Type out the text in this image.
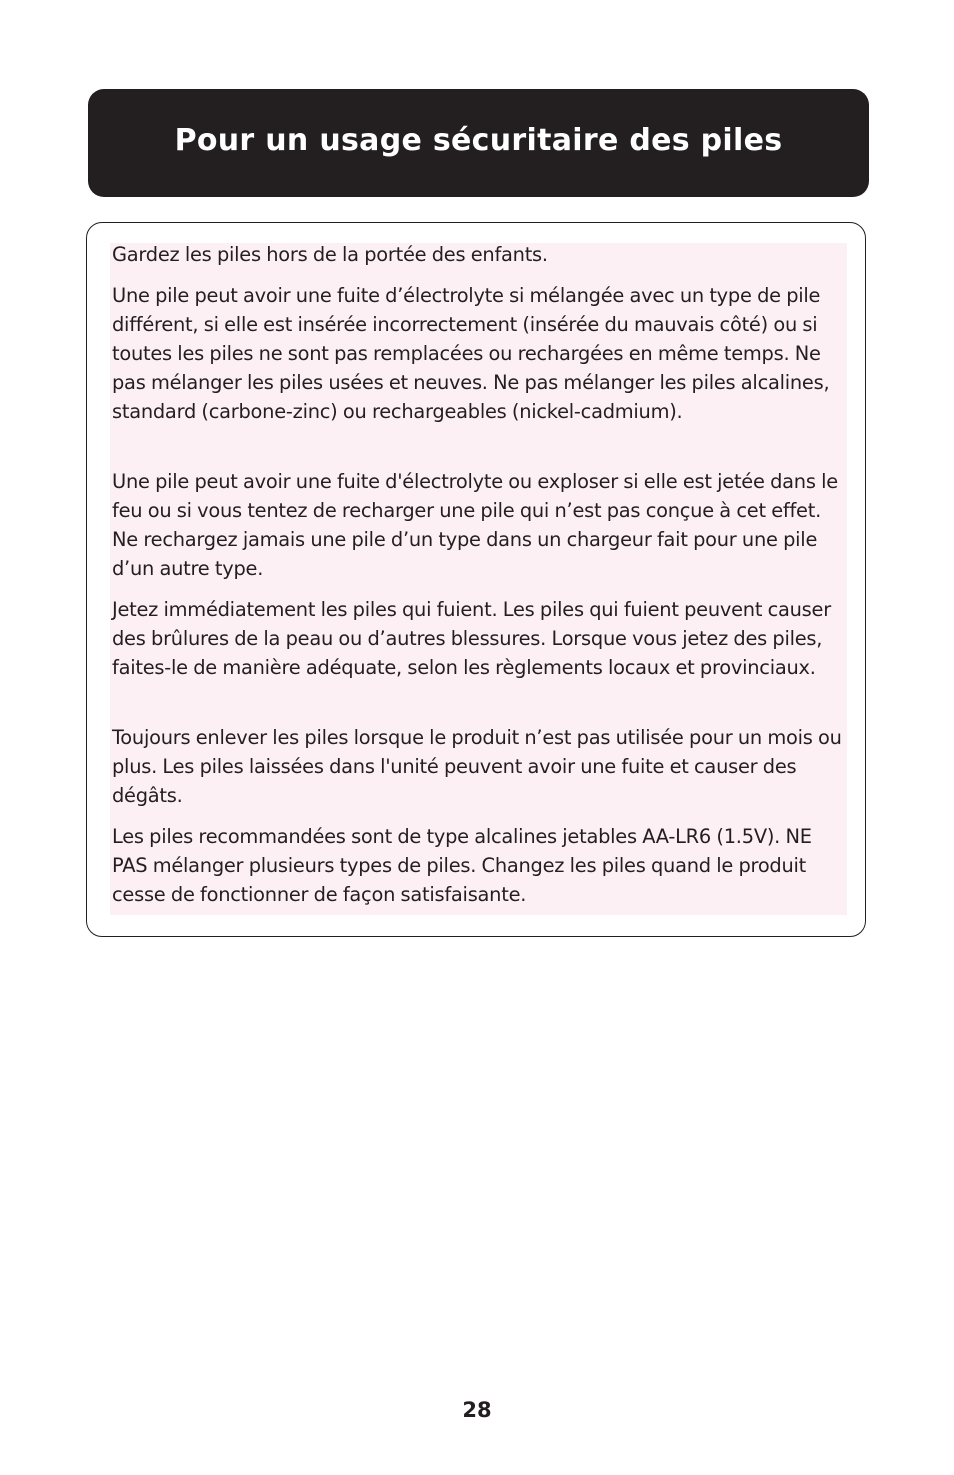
Pour un usage sécuritaire des piles

Gardez les piles hors de la portée des enfants.

Une pile peut avoir une fuite d’électrolyte si mélangée avec un type de pile différent, si elle est insérée incorrectement (insérée du mauvais côté) ou si toutes les piles ne sont pas remplacées ou rechargées en même temps. Ne pas mélanger les piles usées et neuves. Ne pas mélanger les piles alcalines, standard (carbone-zinc) ou rechargeables (nickel-cadmium).

Une pile peut avoir une fuite d'électrolyte ou exploser si elle est jetée dans le feu ou si vous tentez de recharger une pile qui n’est pas conçue à cet effet. Ne rechargez jamais une pile d’un type dans un chargeur fait pour une pile d’un autre type.

Jetez immédiatement les piles qui fuient. Les piles qui fuient peuvent causer des brûlures de la peau ou d’autres blessures. Lorsque vous jetez des piles, faites-le de manière adéquate, selon les règlements locaux et provinciaux.

Toujours enlever les piles lorsque le produit n’est pas utilisée pour un mois ou plus. Les piles laissées dans l'unité peuvent avoir une fuite et causer des dégâts.

Les piles recommandées sont de type alcalines jetables AA-LR6 (1.5V). NE PAS mélanger plusieurs types de piles. Changez les piles quand le produit cesse de fonctionner de façon satisfaisante.

28
